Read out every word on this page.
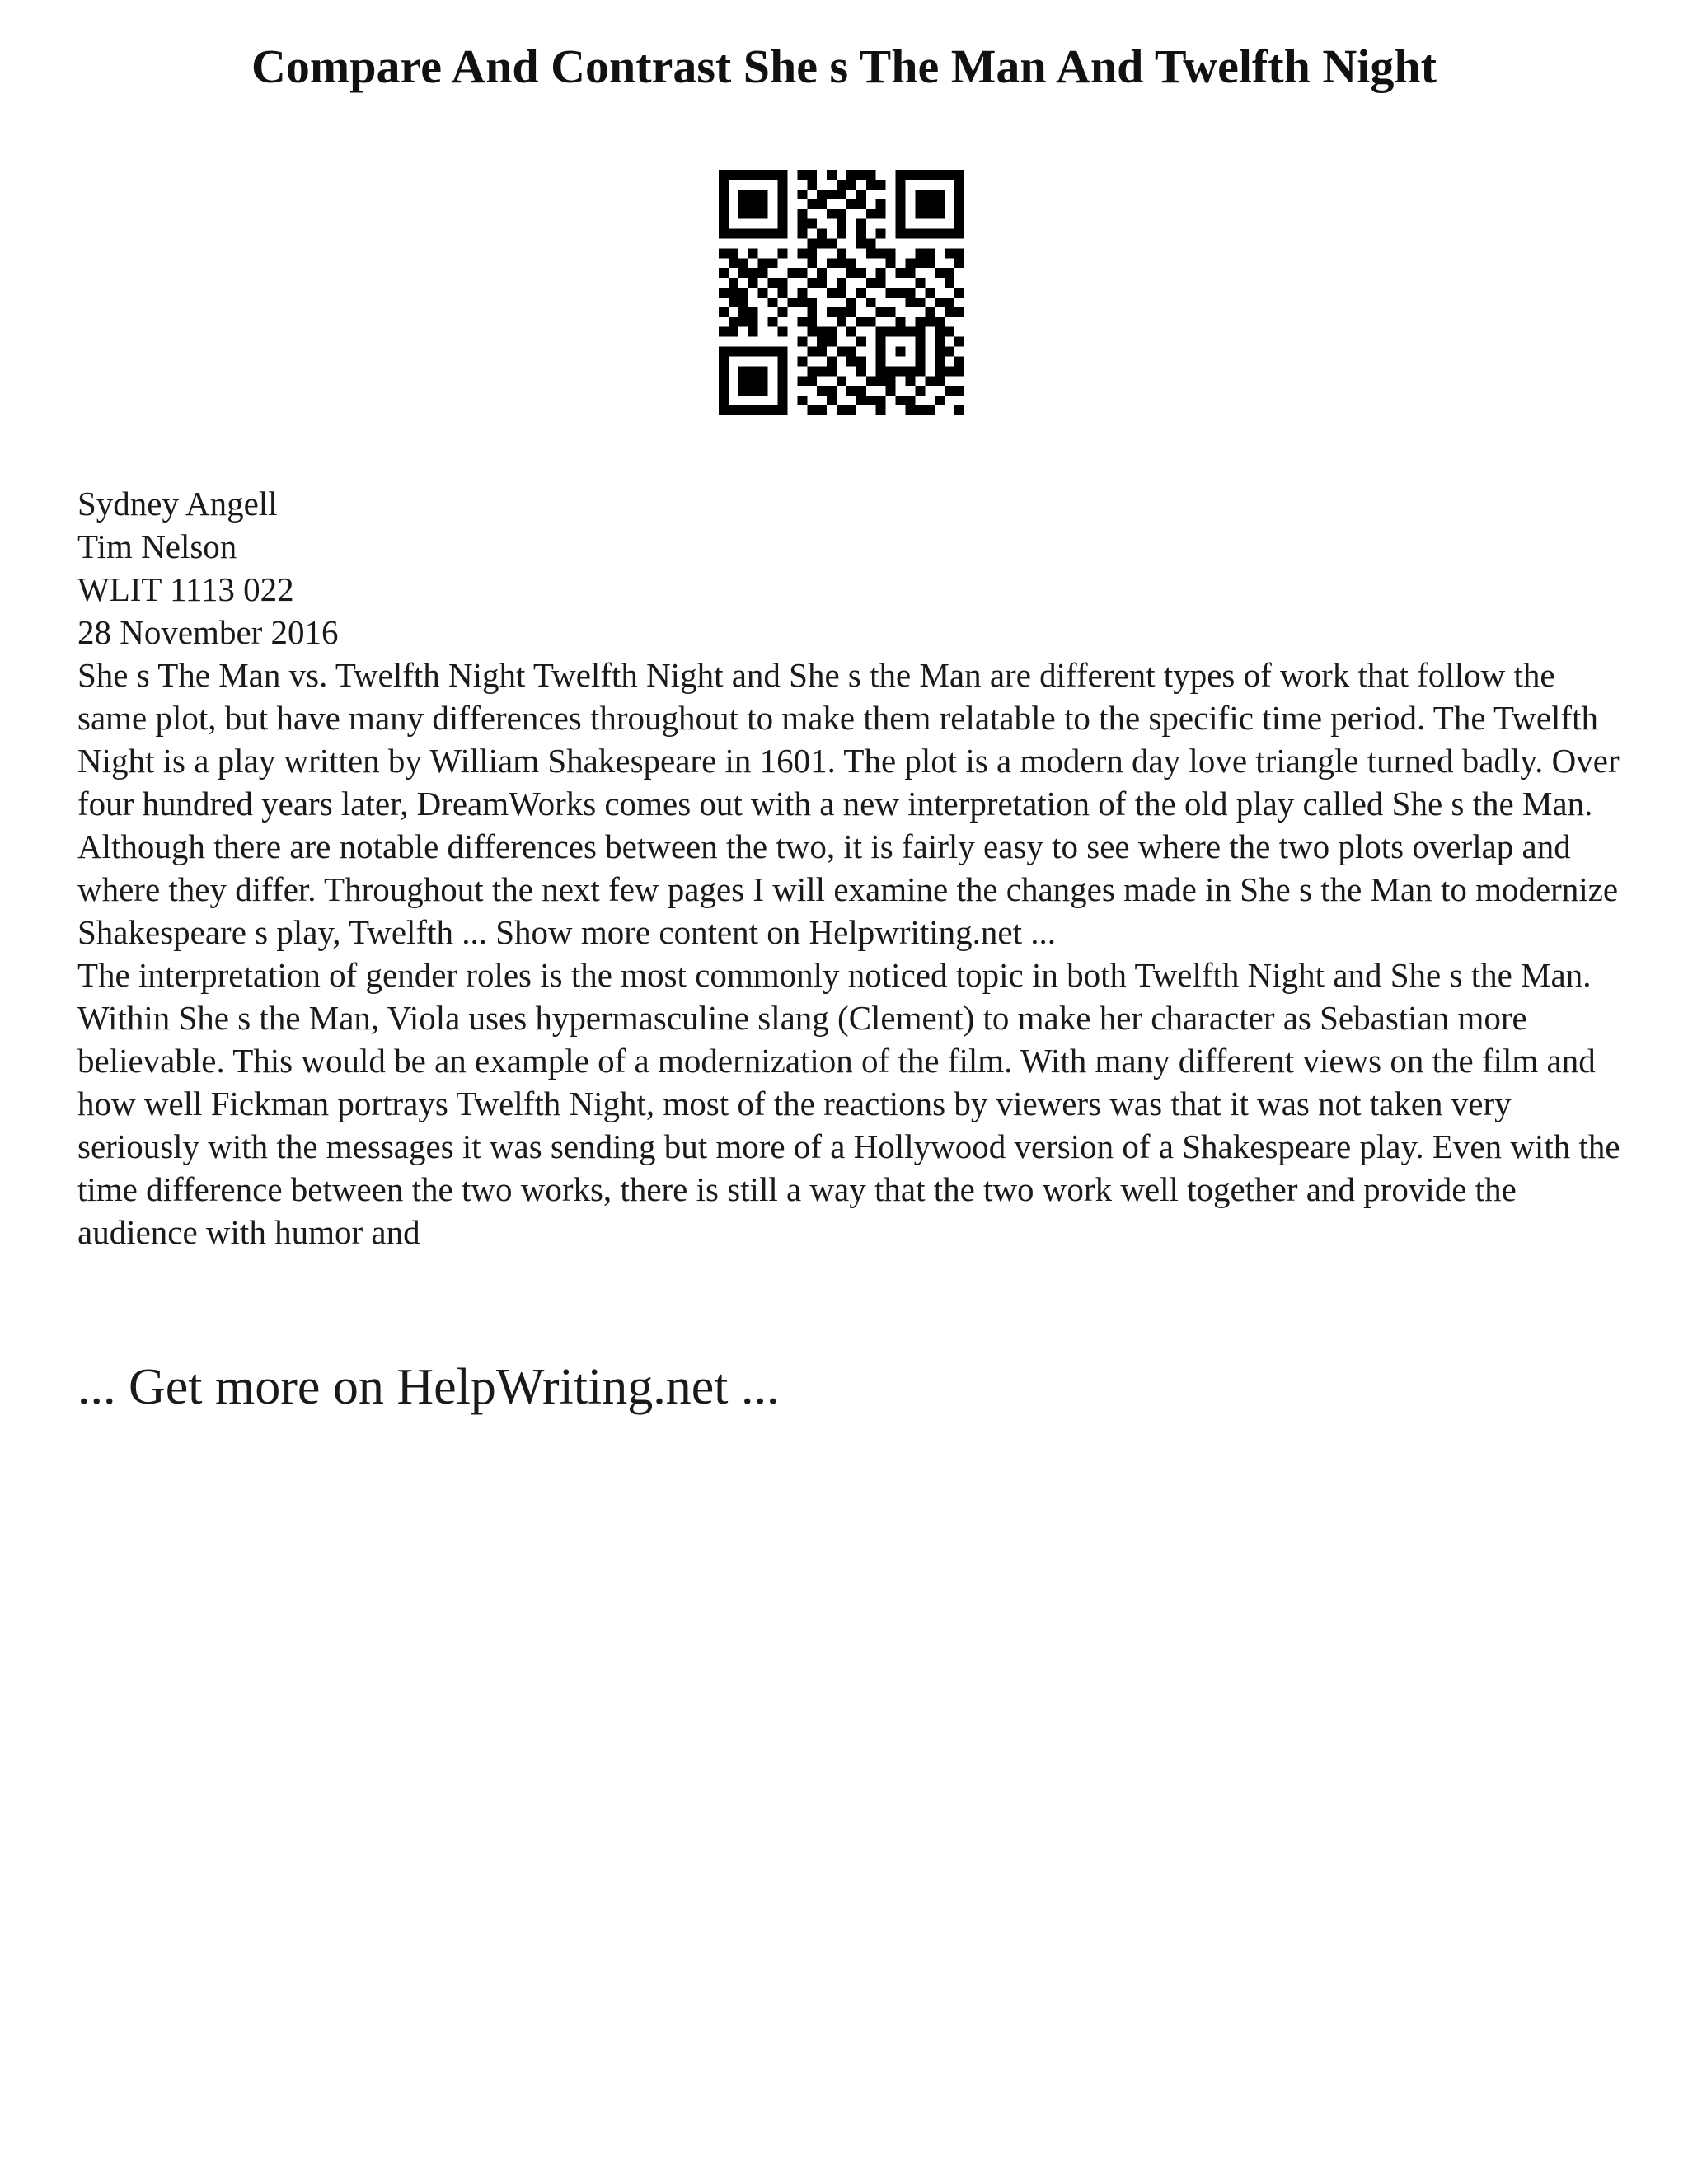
Compare And Contrast She s The Man And Twelfth Night

Sydney Angell

Tim Nelson

WLIT 1113 022

28 November 2016

She s The Man vs. Twelfth Night Twelfth Night and She s the Man are different types of work that follow the same plot, but have many differences throughout to make them relatable to the specific time period. The Twelfth Night is a play written by William Shakespeare in 1601. The plot is a modern day love triangle turned badly. Over four hundred years later, DreamWorks comes out with a new interpretation of the old play called She s the Man. Although there are notable differences between the two, it is fairly easy to see where the two plots overlap and where they differ. Throughout the next few pages I will examine the changes made in She s the Man to modernize Shakespeare s play, Twelfth ... Show more content on Helpwriting.net ...

The interpretation of gender roles is the most commonly noticed topic in both Twelfth Night and She s the Man. Within She s the Man, Viola uses hypermasculine slang (Clement) to make her character as Sebastian more believable. This would be an example of a modernization of the film. With many different views on the film and how well Fickman portrays Twelfth Night, most of the reactions by viewers was that it was not taken very seriously with the messages it was sending but more of a Hollywood version of a Shakespeare play. Even with the time difference between the two works, there is still a way that the two work well together and provide the audience with humor and

... Get more on HelpWriting.net ...
